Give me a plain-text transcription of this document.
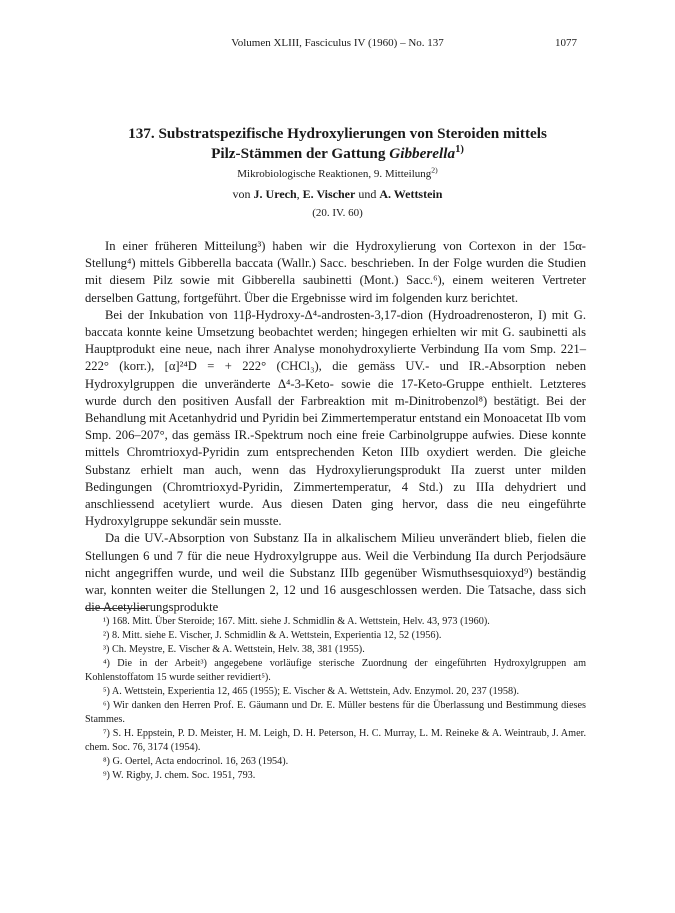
Volumen XLIII, Fasciculus IV (1960) – No. 137	1077
137. Substratspezifische Hydroxylierungen von Steroiden mittels
Pilz-Stämmen der Gattung Gibberella$^{1)}$
Mikrobiologische Reaktionen, 9. Mitteilung$^{2)}$
von J. Urech, E. Vischer und A. Wettstein
(20. IV. 60)

In einer früheren Mitteilung³) haben wir die Hydroxylierung von Cortexon in der 15α-Stellung⁴) mittels Gibberella baccata (Wallr.) Sacc. beschrieben. In der Folge wurden die Studien mit diesem Pilz sowie mit Gibberella saubinetti (Mont.) Sacc.⁶), einem weiteren Vertreter derselben Gattung, fortgeführt. Über die Ergebnisse wird im folgenden kurz berichtet.

Bei der Inkubation von 11β-Hydroxy-Δ⁴-androsten-3,17-dion (Hydroadrenosteron, I) mit G. baccata konnte keine Umsetzung beobachtet werden; hingegen erhielten wir mit G. saubinetti als Hauptprodukt eine neue, nach ihrer Analyse monohydroxylierte Verbindung IIa vom Smp. 221–222° (korr.), [α]²⁴D = + 222° (CHCl₃), die gemäss UV.- und IR.-Absorption neben Hydroxylgruppen die unveränderte Δ⁴-3-Keto- sowie die 17-Keto-Gruppe enthielt. Letzteres wurde durch den positiven Ausfall der Farbreaktion mit m-Dinitrobenzol⁸) bestätigt. Bei der Behandlung mit Acetanhydrid und Pyridin bei Zimmertemperatur entstand ein Monoacetat IIb vom Smp. 206–207°, das gemäss IR.-Spektrum noch eine freie Carbinolgruppe aufwies. Diese konnte mittels Chromtrioxyd-Pyridin zum entsprechenden Keton IIIb oxydiert werden. Die gleiche Substanz erhielt man auch, wenn das Hydroxylierungsprodukt IIa zuerst unter milden Bedingungen (Chromtrioxyd-Pyridin, Zimmertemperatur, 4 Std.) zu IIIa dehydriert und anschliessend acetyliert wurde. Aus diesen Daten ging hervor, dass die neu eingeführte Hydroxylgruppe sekundär sein musste.

Da die UV.-Absorption von Substanz IIa in alkalischem Milieu unverändert blieb, fielen die Stellungen 6 und 7 für die neue Hydroxylgruppe aus. Weil die Verbindung IIa durch Perjodsäure nicht angegriffen wurde, und weil die Substanz IIIb gegenüber Wismuthsesquioxyd⁹) beständig war, konnten weiter die Stellungen 2, 12 und 16 ausgeschlossen werden. Die Tatsache, dass sich die Acetylierungsprodukte

¹) 168. Mitt. Über Steroide; 167. Mitt. siehe J. Schmidlin & A. Wettstein, Helv. 43, 973 (1960).

²) 8. Mitt. siehe E. Vischer, J. Schmidlin & A. Wettstein, Experientia 12, 52 (1956).

³) Ch. Meystre, E. Vischer & A. Wettstein, Helv. 38, 381 (1955).

⁴) Die in der Arbeit³) angegebene vorläufige sterische Zuordnung der eingeführten Hydroxylgruppen am Kohlenstoffatom 15 wurde seither revidiert⁵).

⁵) A. Wettstein, Experientia 12, 465 (1955); E. Vischer & A. Wettstein, Adv. Enzymol. 20, 237 (1958).

⁶) Wir danken den Herren Prof. E. Gäumann und Dr. E. Müller bestens für die Überlassung und Bestimmung dieses Stammes.

⁷) S. H. Eppstein, P. D. Meister, H. M. Leigh, D. H. Peterson, H. C. Murray, L. M. Reineke & A. Weintraub, J. Amer. chem. Soc. 76, 3174 (1954).

⁸) G. Oertel, Acta endocrinol. 16, 263 (1954).

⁹) W. Rigby, J. chem. Soc. 1951, 793.
